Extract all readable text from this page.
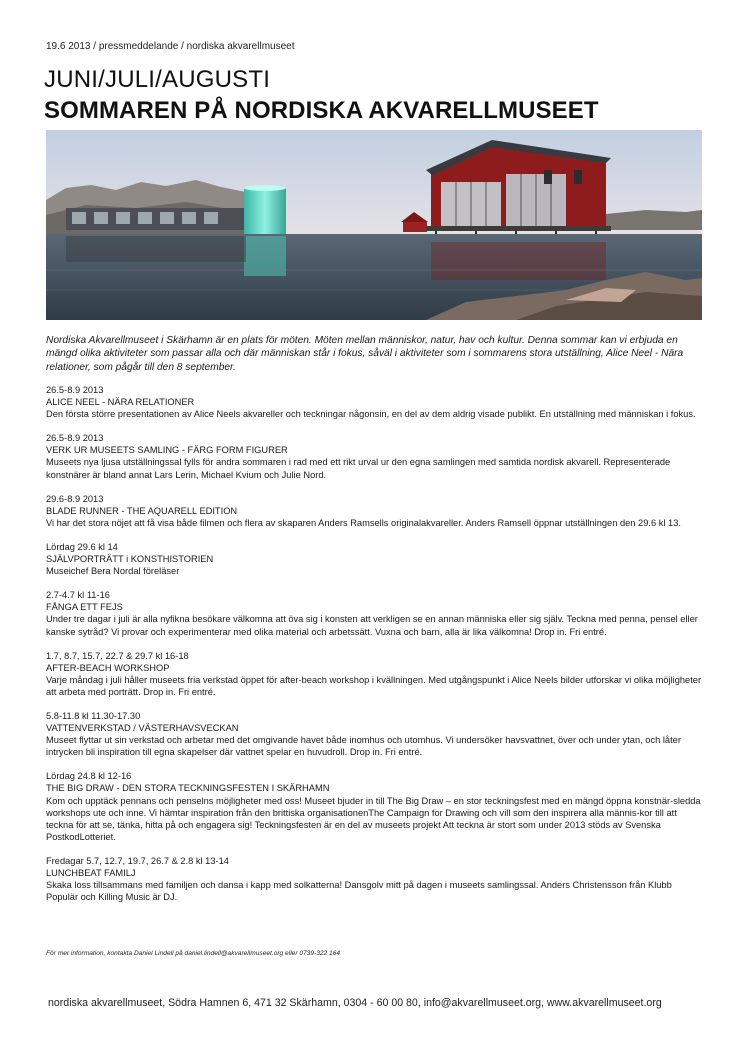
19.6 2013 / pressmeddelande / nordiska akvarellmuseet
JUNI/JULI/AUGUSTI
SOMMAREN PÅ NORDISKA AKVARELLMUSEET
Nordiska Akvarellmuseet i Skärhamn är en plats för möten. Möten mellan människor, natur, hav och kultur. Denna sommar kan vi erbjuda en mängd olika aktiviteter som passar alla och där människan står i fokus, såväl i aktiviteter som i sommarens stora utställning, Alice Neel - Nära relationer, som pågår till den 8 september.
26.5-8.9 2013
ALICE NEEL - NÄRA RELATIONER
Den första större presentationen av Alice Neels akvareller och teckningar någonsin, en del av dem aldrig visade publikt. En utställning med människan i fokus.
26.5-8.9 2013
VERK UR MUSEETS SAMLING - FÄRG FORM FIGURER
Museets nya ljusa utställningssal fylls för andra sommaren i rad med ett rikt urval ur den egna samlingen med samtida nordisk akvarell. Representerade konstnärer är bland annat Lars Lerin, Michael Kvium och Julie Nord.
29.6-8.9 2013
BLADE RUNNER - THE AQUARELL EDITION
Vi har det stora nöjet att få visa både filmen och flera av skaparen Anders Ramsells originalakvareller. Anders Ramsell öppnar utställningen den 29.6 kl 13.
Lördag 29.6 kl 14
SJÄLVPORTRÄTT i KONSTHISTORIEN
Museichef Bera Nordal föreläser
2.7-4.7 kl 11-16
FÅNGA ETT FEJS
Under tre dagar i juli är alla nyfikna besökare välkomna att öva sig i konsten att verkligen se en annan människa eller sig själv. Teckna med penna, pensel eller kanske sytråd? Vi provar och experimenterar med olika material och arbetssätt. Vuxna och barn, alla är lika välkomna! Drop in. Fri entré.
1.7, 8.7, 15.7, 22.7 & 29.7 kl 16-18
AFTER-BEACH WORKSHOP
Varje måndag i juli håller museets fria verkstad öppet för after-beach workshop i kvällningen. Med utgångspunkt i Alice Neels bilder utforskar vi olika möjligheter att arbeta med porträtt. Drop in. Fri entré.
5.8-11.8 kl 11.30-17.30
VATTENVERKSTAD / VÄSTERHAVSVECKAN
Museet flyttar ut sin verkstad och arbetar med det omgivande havet både inomhus och utomhus. Vi undersöker havsvattnet, över och under ytan, och låter intrycken bli inspiration till egna skapelser där vattnet spelar en huvudroll. Drop in. Fri entré.
Lördag 24.8 kl 12-16
THE BIG DRAW - DEN STORA TECKNINGSFESTEN I SKÄRHAMN
Kom och upptäck pennans och penselns möjligheter med oss! Museet bjuder in till The Big Draw – en stor teckningsfest med en mängd öppna konstnär-sledda workshops ute och inne. Vi hämtar inspiration från den brittiska organisationenThe Campaign for Drawing och vill som den inspirera alla männis-kor till att teckna för att se, tänka, hitta på och engagera sig! Teckningsfesten är en del av museets projekt Att teckna är stort som under 2013 stöds av Svenska PostkodLotteriet.
Fredagar 5.7, 12.7, 19.7, 26.7 & 2.8 kl 13-14
LUNCHBEAT FAMILJ
Skaka loss tillsammans med familjen och dansa i kapp med solkatterna! Dansgolv mitt på dagen i museets samlingssal. Anders Christensson från Klubb Populär och Killing Music är DJ.
För mer information, kontakta Daniel Lindell på daniel.lindell@akvarellmuseet.org eller 0739-322 164
nordiska akvarellmuseet, Södra Hamnen 6, 471 32 Skärhamn, 0304 - 60 00 80, info@akvarellmuseet.org, www.akvarellmuseet.org
